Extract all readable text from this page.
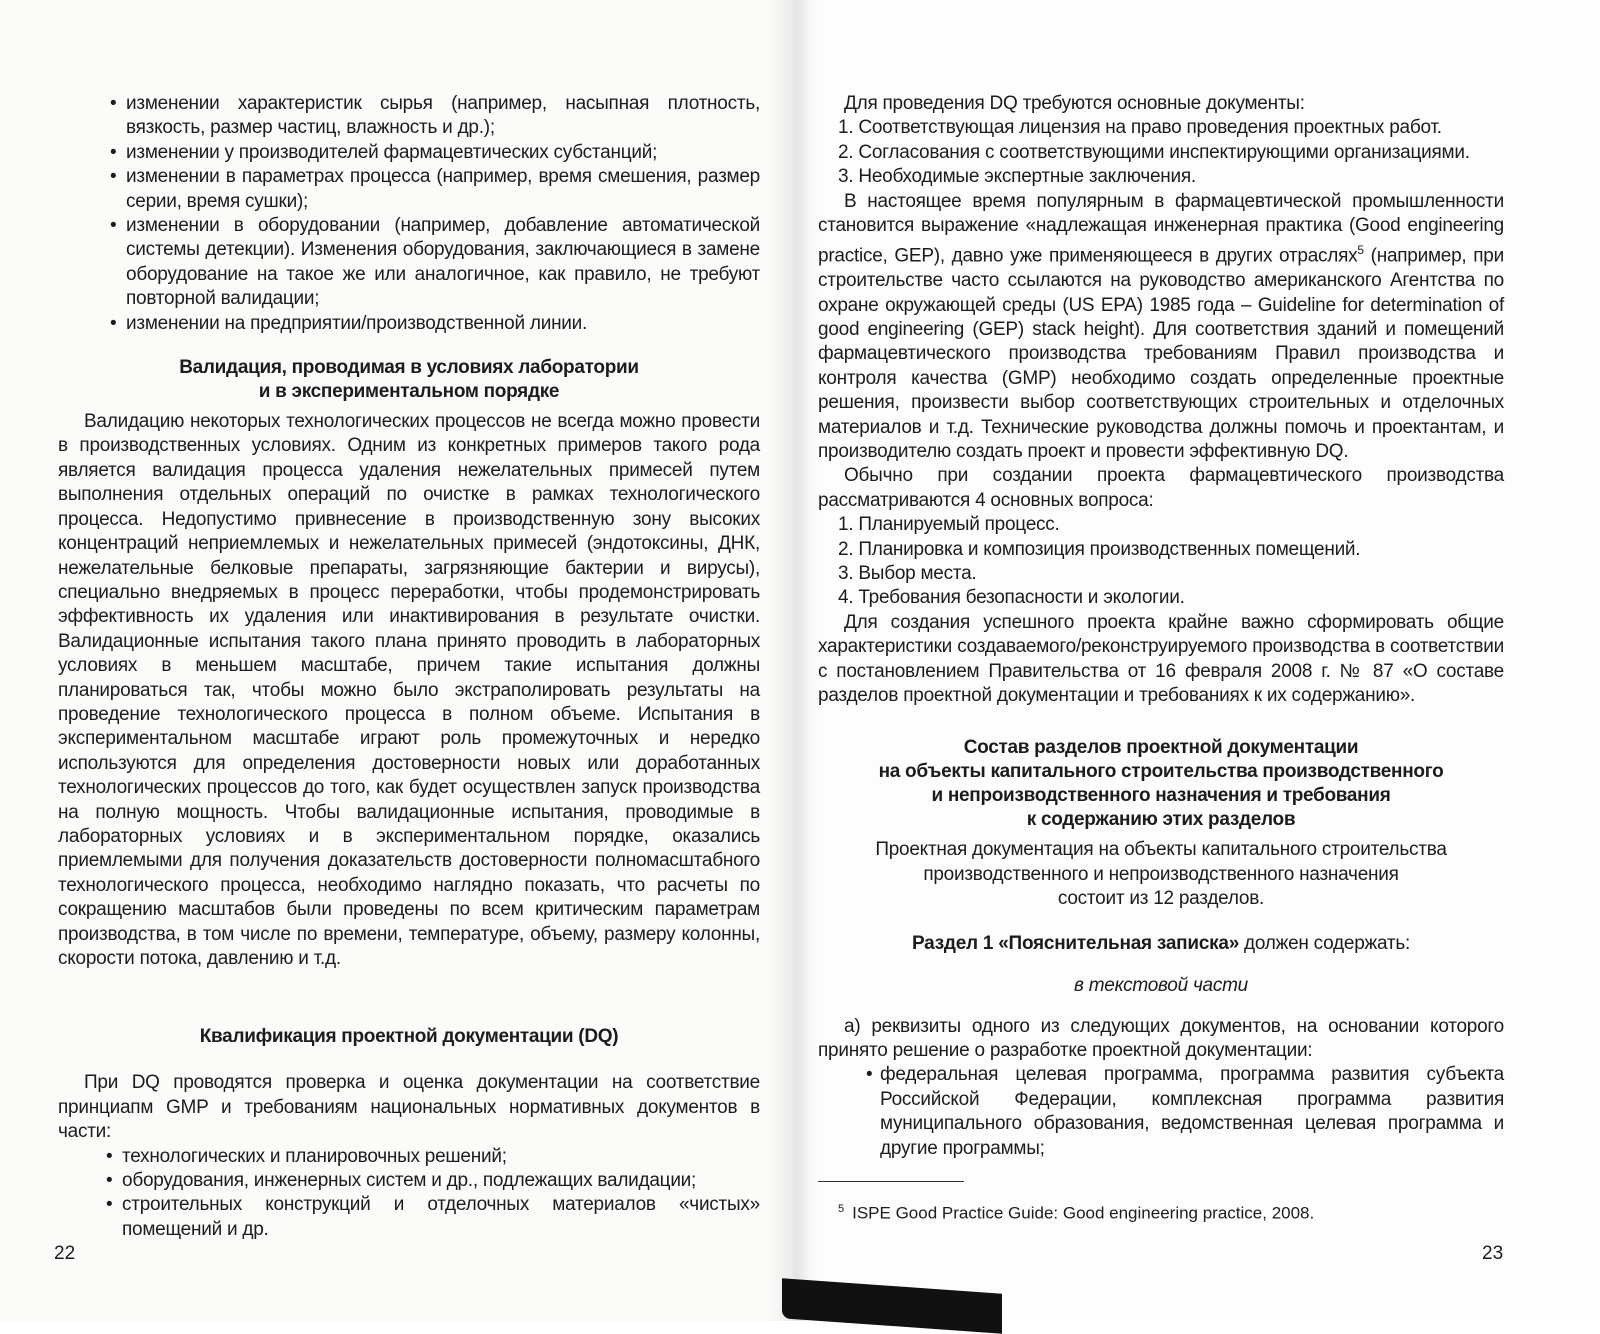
• изменении характеристик сырья (например, насыпная плотность, вязкость, размер частиц, влажность и др.);
• изменении у производителей фармацевтических субстанций;
• изменении в параметрах процесса (например, время смешения, размер серии, время сушки);
• изменении в оборудовании (например, добавление автоматической системы детекции). Изменения оборудования, заключающиеся в замене оборудование на такое же или аналогичное, как правило, не требуют повторной валидации;
• изменении на предприятии/производственной линии.
Валидация, проводимая в условиях лаборатории
и в экспериментальном порядке

Валидацию некоторых технологических процессов не всегда можно провести в производственных условиях. Одним из конкретных примеров такого рода является валидация процесса удаления нежелательных примесей путем выполнения отдельных операций по очистке в рамках технологического процесса. Недопустимо привнесение в производственную зону высоких концентраций неприемлемых и нежелательных примесей (эндотоксины, ДНК, нежелательные белковые препараты, загрязняющие бактерии и вирусы), специально внедряемых в процесс переработки, чтобы продемонстрировать эффективность их удаления или инактивирования в результате очистки. Валидационные испытания такого плана принято проводить в лабораторных условиях в меньшем масштабе, причем такие испытания должны планироваться так, чтобы можно было экстраполировать результаты на проведение технологического процесса в полном объеме. Испытания в экспериментальном масштабе играют роль промежуточных и нередко используются для определения достоверности новых или доработанных технологических процессов до того, как будет осуществлен запуск производства на полную мощность. Чтобы валидационные испытания, проводимые в лабораторных условиях и в экспериментальном порядке, оказались приемлемыми для получения доказательств достоверности полномасштабного технологического процесса, необходимо наглядно показать, что расчеты по сокращению масштабов были проведены по всем критическим параметрам производства, в том числе по времени, температуре, объему, размеру колонны, скорости потока, давлению и т.д.

Квалификация проектной документации (DQ)

При DQ проводятся проверка и оценка документации на соответствие принциапм GMP и требованиям национальных нормативных документов в части:

• технологических и планировочных решений;
• оборудования, инженерных систем и др., подлежащих валидации;
• строительных конструкций и отделочных материалов «чистых» помещений и др.
22

Для проведения DQ требуются основные документы:

1. Соответствующая лицензия на право проведения проектных работ.
2. Согласования с соответствующими инспектирующими организациями.
3. Необходимые экспертные заключения.

В настоящее время популярным в фармацевтической промышленности становится выражение «надлежащая инженерная практика (Good engineering practice, GEP), давно уже применяющееся в других отраслях$^5$ (например, при строительстве часто ссылаются на руководство американского Агентства по охране окружающей среды (US EPA) 1985 года – Guideline for determination of good engineering (GEP) stack height). Для соответствия зданий и помещений фармацевтического производства требованиям Правил производства и контроля качества (GMP) необходимо создать определенные проектные решения, произвести выбор соответствующих строительных и отделочных материалов и т.д. Технические руководства должны помочь и проектантам, и производителю создать проект и провести эффективную DQ.

Обычно при создании проекта фармацевтического производства рассматриваются 4 основных вопроса:

1. Планируемый процесс.
2. Планировка и композиция производственных помещений.
3. Выбор места.
4. Требования безопасности и экологии.

Для создания успешного проекта крайне важно сформировать общие характеристики создаваемого/реконструируемого производства в соответствии с постановлением Правительства от 16 февраля 2008 г. № 87 «О составе разделов проектной документации и требованиях к их содержанию».

Состав разделов проектной документации
на объекты капитального строительства производственного
и непроизводственного назначения и требования
к содержанию этих разделов
Проектная документация на объекты капитального строительства
производственного и непроизводственного назначения
состоит из 12 разделов.
Раздел 1 «Пояснительная записка» должен содержать:
в текстовой части

а) реквизиты одного из следующих документов, на основании которого принято решение о разработке проектной документации:

• федеральная целевая программа, программа развития субъекта Российской Федерации, комплексная программа развития муниципального образования, ведомственная целевая программа и другие программы;
$^5$ ISPE Good Practice Guide: Good engineering practice, 2008.
23
